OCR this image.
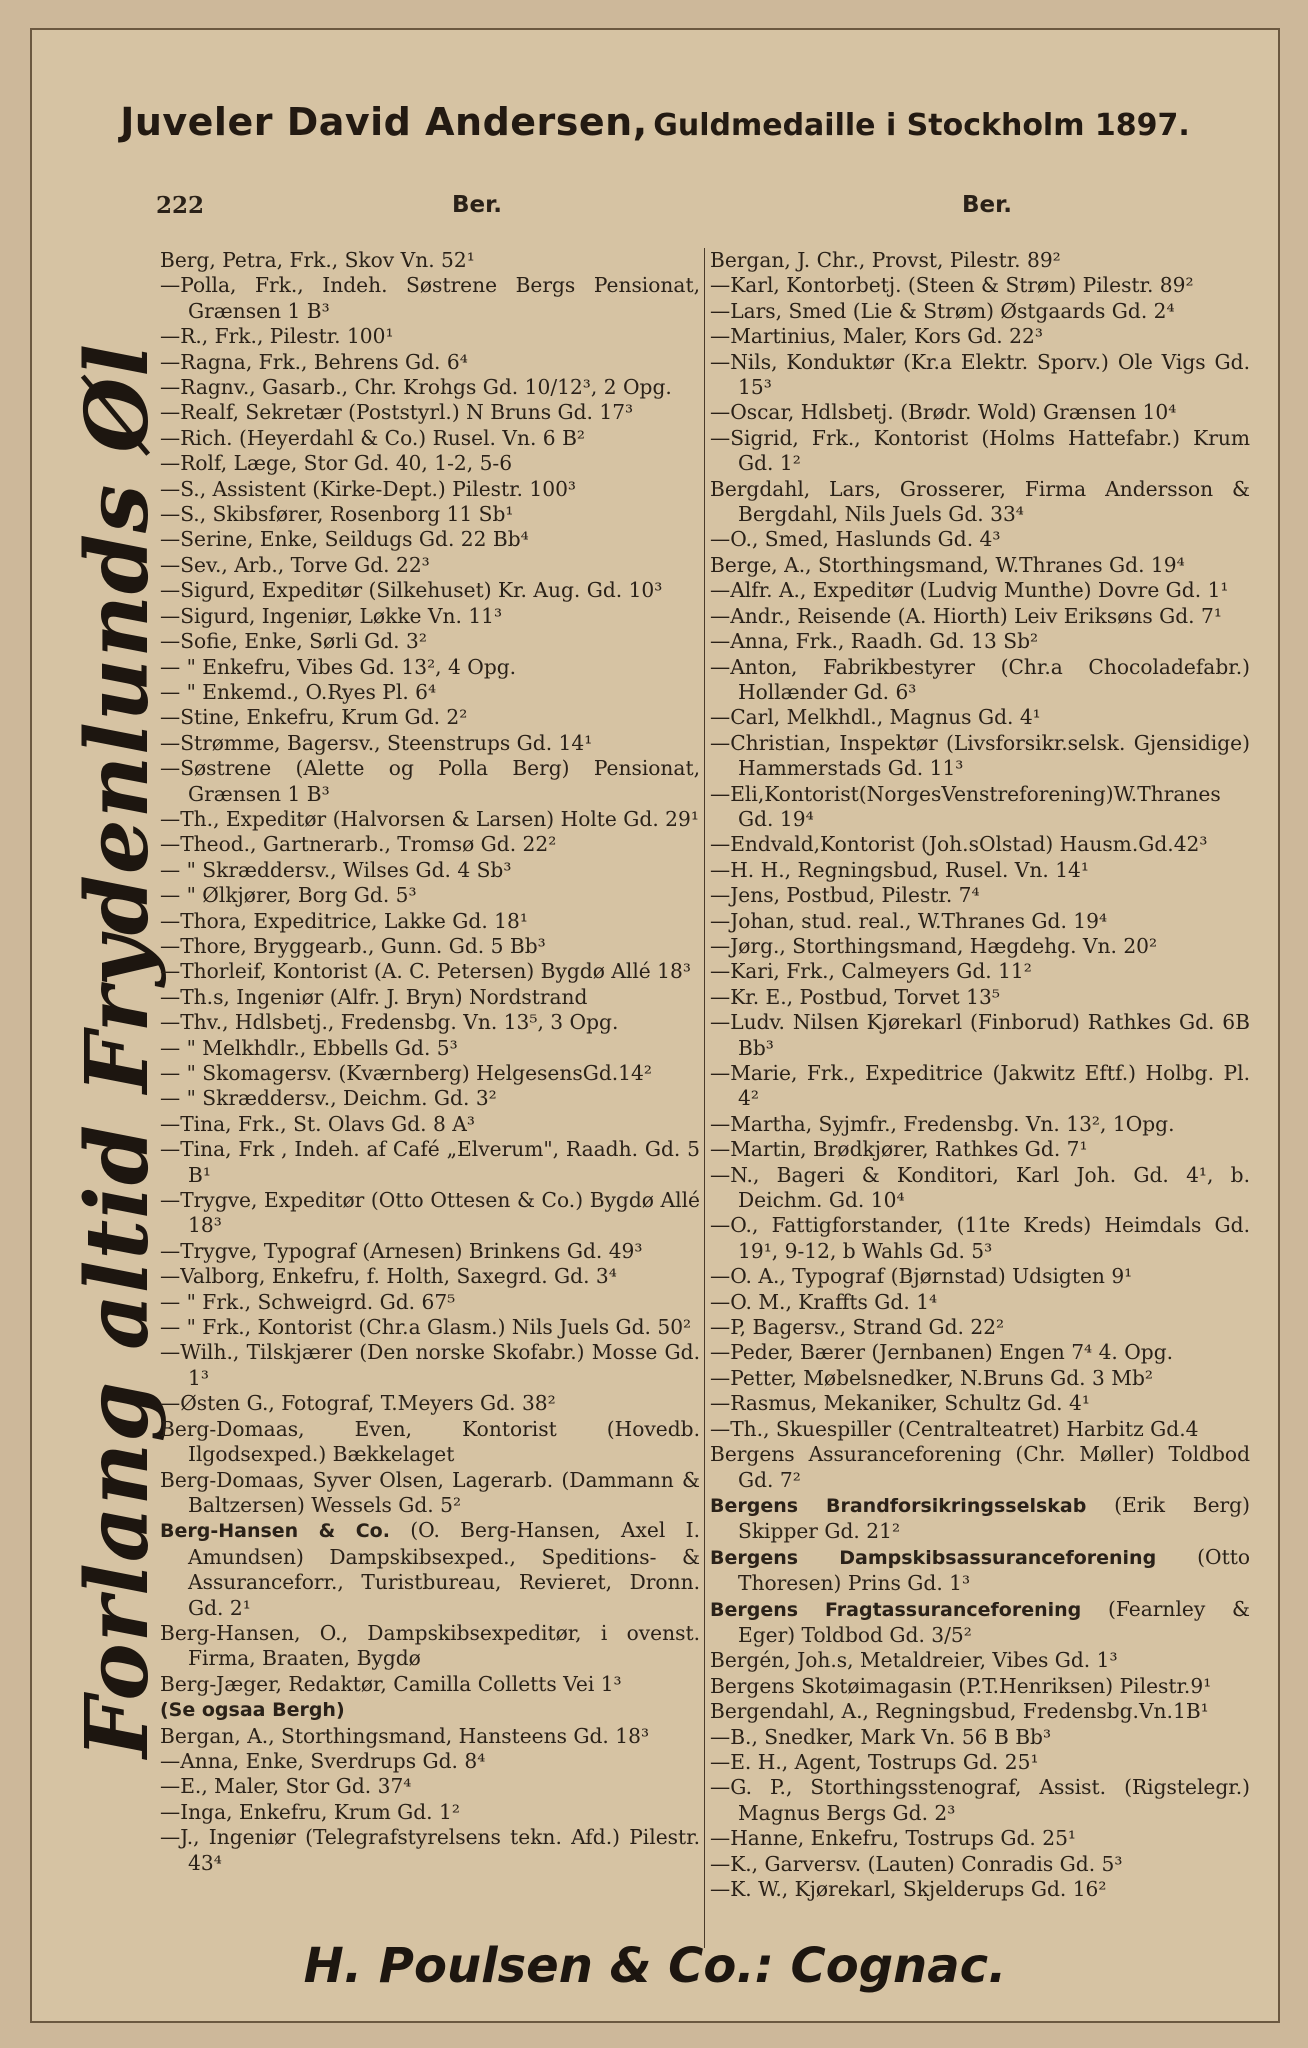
Juveler David Andersen, Guldmedaille i Stockholm 1897.
222	Ber.	Ber.
Forlang altid Frydenlunds Øl
Berg, Petra, Frk., Skov Vn. 52¹
—Polla, Frk., Indeh. Søstrene Bergs Pensionat, Grænsen 1 B³
—R., Frk., Pilestr. 100¹
—Ragna, Frk., Behrens Gd. 6⁴
—Ragnv., Gasarb., Chr. Krohgs Gd. 10/12³, 2 Opg.
—Realf, Sekretær (Poststyrl.) N Bruns Gd. 17³
—Rich. (Heyerdahl & Co.) Rusel. Vn. 6 B²
—Rolf, Læge, Stor Gd. 40, 1-2, 5-6
—S., Assistent (Kirke-Dept.) Pilestr. 100³
—S., Skibsfører, Rosenborg 11 Sb¹
—Serine, Enke, Seildugs Gd. 22 Bb⁴
—Sev., Arb., Torve Gd. 22³
—Sigurd, Expeditør (Silkehuset) Kr. Aug. Gd. 10³
—Sigurd, Ingeniør, Løkke Vn. 11³
—Sofie, Enke, Sørli Gd. 3²
— " Enkefru, Vibes Gd. 13², 4 Opg.
— " Enkemd., O.Ryes Pl. 6⁴
—Stine, Enkefru, Krum Gd. 2²
—Strømme, Bagersv., Steenstrups Gd. 14¹
—Søstrene (Alette og Polla Berg) Pensionat, Grænsen 1 B³
—Th., Expeditør (Halvorsen & Larsen) Holte Gd. 29¹
—Theod., Gartnerarb., Tromsø Gd. 22²
— " Skræddersv., Wilses Gd. 4 Sb³
— " Ølkjører, Borg Gd. 5³
—Thora, Expeditrice, Lakke Gd. 18¹
—Thore, Bryggearb., Gunn. Gd. 5 Bb³
—Thorleif, Kontorist (A. C. Petersen) Bygdø Allé 18³
—Th.s, Ingeniør (Alfr. J. Bryn) Nordstrand
—Thv., Hdlsbetj., Fredensbg. Vn. 13⁵, 3 Opg.
— " Melkhdlr., Ebbells Gd. 5³
— " Skomagersv. (Kværnberg) HelgesensGd.14²
— " Skræddersv., Deichm. Gd. 3²
—Tina, Frk., St. Olavs Gd. 8 A³
—Tina, Frk , Indeh. af Café „Elverum", Raadh. Gd. 5 B¹
—Trygve, Expeditør (Otto Ottesen & Co.) Bygdø Allé 18³
—Trygve, Typograf (Arnesen) Brinkens Gd. 49³
—Valborg, Enkefru, f. Holth, Saxegrd. Gd. 3⁴
— " Frk., Schweigrd. Gd. 67⁵
— " Frk., Kontorist (Chr.a Glasm.) Nils Juels Gd. 50²
—Wilh., Tilskjærer (Den norske Skofabr.) Mosse Gd. 1³
—Østen G., Fotograf, T.Meyers Gd. 38²
Berg-Domaas, Even, Kontorist (Hovedb. Ilgodsexped.) Bækkelaget
Berg-Domaas, Syver Olsen, Lagerarb. (Dammann & Baltzersen) Wessels Gd. 5²
Berg-Hansen & Co. (O. Berg-Hansen, Axel I. Amundsen) Dampskibsexped., Speditions- & Assuranceforr., Turistbureau, Revieret, Dronn. Gd. 2¹
Berg-Hansen, O., Dampskibsexpeditør, i ovenst. Firma, Braaten, Bygdø
Berg-Jæger, Redaktør, Camilla Colletts Vei 1³
(Se ogsaa Bergh)
Bergan, A., Storthingsmand, Hansteens Gd. 18³
—Anna, Enke, Sverdrups Gd. 8⁴
—E., Maler, Stor Gd. 37⁴
—Inga, Enkefru, Krum Gd. 1²
—J., Ingeniør (Telegrafstyrelsens tekn. Afd.) Pilestr. 43⁴
Bergan, J. Chr., Provst, Pilestr. 89²
—Karl, Kontorbetj. (Steen & Strøm) Pilestr. 89²
—Lars, Smed (Lie & Strøm) Østgaards Gd. 2⁴
—Martinius, Maler, Kors Gd. 22³
—Nils, Konduktør (Kr.a Elektr. Sporv.) Ole Vigs Gd. 15³
—Oscar, Hdlsbetj. (Brødr. Wold) Grænsen 10⁴
—Sigrid, Frk., Kontorist (Holms Hattefabr.) Krum Gd. 1²
Bergdahl, Lars, Grosserer, Firma Andersson & Bergdahl, Nils Juels Gd. 33⁴
—O., Smed, Haslunds Gd. 4³
Berge, A., Storthingsmand, W.Thranes Gd. 19⁴
—Alfr. A., Expeditør (Ludvig Munthe) Dovre Gd. 1¹
—Andr., Reisende (A. Hiorth) Leiv Eriksøns Gd. 7¹
—Anna, Frk., Raadh. Gd. 13 Sb²
—Anton, Fabrikbestyrer (Chr.a Chocoladefabr.) Hollænder Gd. 6³
—Carl, Melkhdl., Magnus Gd. 4¹
—Christian, Inspektør (Livsforsikr.selsk. Gjensidige) Hammerstads Gd. 11³
—Eli,Kontorist(NorgesVenstreforening)W.Thranes Gd. 19⁴
—Endvald,Kontorist (Joh.sOlstad) Hausm.Gd.42³
—H. H., Regningsbud, Rusel. Vn. 14¹
—Jens, Postbud, Pilestr. 7⁴
—Johan, stud. real., W.Thranes Gd. 19⁴
—Jørg., Storthingsmand, Hægdehg. Vn. 20²
—Kari, Frk., Calmeyers Gd. 11²
—Kr. E., Postbud, Torvet 13⁵
—Ludv. Nilsen Kjørekarl (Finborud) Rathkes Gd. 6B Bb³
—Marie, Frk., Expeditrice (Jakwitz Eftf.) Holbg. Pl. 4²
—Martha, Syjmfr., Fredensbg. Vn. 13², 1Opg.
—Martin, Brødkjører, Rathkes Gd. 7¹
—N., Bageri & Konditori, Karl Joh. Gd. 4¹, b. Deichm. Gd. 10⁴
—O., Fattigforstander, (11te Kreds) Heimdals Gd. 19¹, 9-12, b Wahls Gd. 5³
—O. A., Typograf (Bjørnstad) Udsigten 9¹
—O. M., Kraffts Gd. 1⁴
—P, Bagersv., Strand Gd. 22²
—Peder, Bærer (Jernbanen) Engen 7⁴ 4. Opg.
—Petter, Møbelsnedker, N.Bruns Gd. 3 Mb²
—Rasmus, Mekaniker, Schultz Gd. 4¹
—Th., Skuespiller (Centralteatret) Harbitz Gd.4
Bergens Assuranceforening (Chr. Møller) Toldbod Gd. 7²
Bergens Brandforsikringsselskab (Erik Berg) Skipper Gd. 21²
Bergens Dampskibsassuranceforening (Otto Thoresen) Prins Gd. 1³
Bergens Fragtassuranceforening (Fearnley & Eger) Toldbod Gd. 3/5²
Bergén, Joh.s, Metaldreier, Vibes Gd. 1³
Bergens Skotøimagasin (P.T.Henriksen) Pilestr.9¹
Bergendahl, A., Regningsbud, Fredensbg.Vn.1B¹
—B., Snedker, Mark Vn. 56 B Bb³
—E. H., Agent, Tostrups Gd. 25¹
—G. P., Storthingsstenograf, Assist. (Rigstelegr.) Magnus Bergs Gd. 2³
—Hanne, Enkefru, Tostrups Gd. 25¹
—K., Garversv. (Lauten) Conradis Gd. 5³
—K. W., Kjørekarl, Skjelderups Gd. 16²
H. Poulsen & Co.: Cognac.
